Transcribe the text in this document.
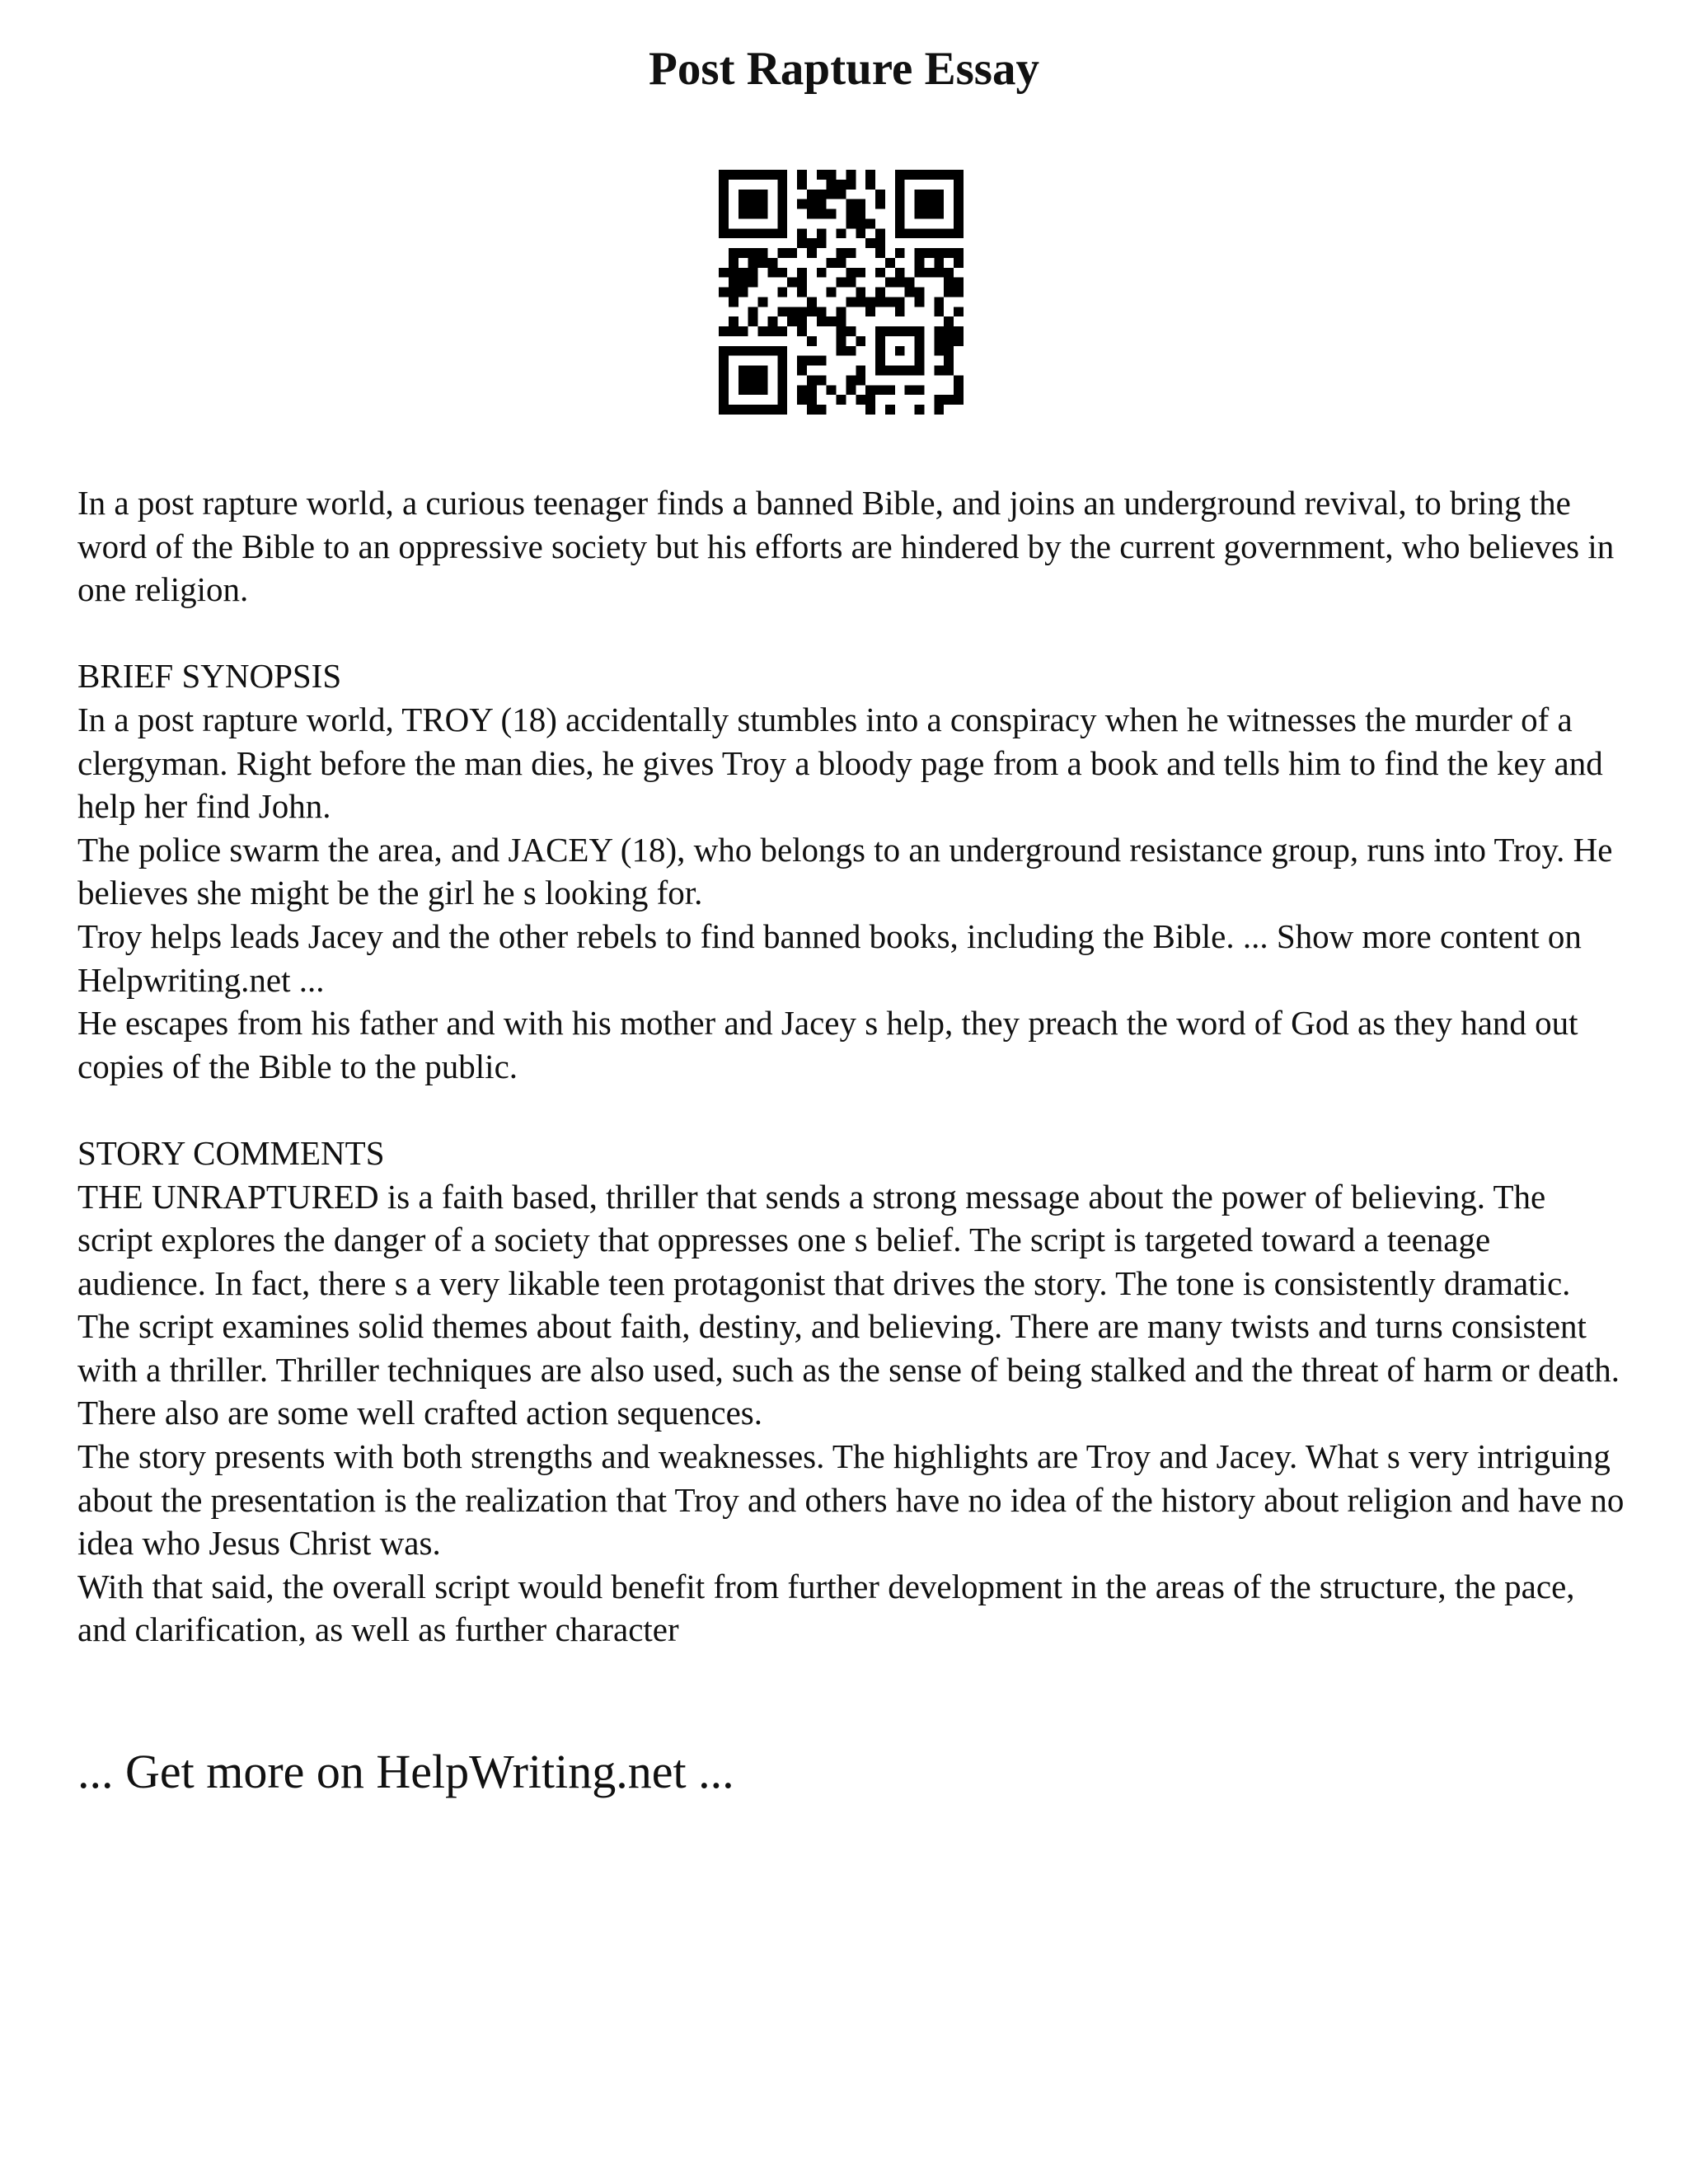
Post Rapture Essay

In a post rapture world, a curious teenager finds a banned Bible, and joins an underground revival, to bring the word of the Bible to an oppressive society but his efforts are hindered by the current government, who believes in one religion.

BRIEF SYNOPSIS

In a post rapture world, TROY (18) accidentally stumbles into a conspiracy when he witnesses the murder of a clergyman. Right before the man dies, he gives Troy a bloody page from a book and tells him to find the key and help her find John.

The police swarm the area, and JACEY (18), who belongs to an underground resistance group, runs into Troy. He believes she might be the girl he s looking for.

Troy helps leads Jacey and the other rebels to find banned books, including the Bible. ... Show more content on Helpwriting.net ...

He escapes from his father and with his mother and Jacey s help, they preach the word of God as they hand out copies of the Bible to the public.

STORY COMMENTS

THE UNRAPTURED is a faith based, thriller that sends a strong message about the power of believing. The script explores the danger of a society that oppresses one s belief. The script is targeted toward a teenage audience. In fact, there s a very likable teen protagonist that drives the story. The tone is consistently dramatic. The script examines solid themes about faith, destiny, and believing. There are many twists and turns consistent with a thriller. Thriller techniques are also used, such as the sense of being stalked and the threat of harm or death. There also are some well crafted action sequences.

The story presents with both strengths and weaknesses. The highlights are Troy and Jacey. What s very intriguing about the presentation is the realization that Troy and others have no idea of the history about religion and have no idea who Jesus Christ was.

With that said, the overall script would benefit from further development in the areas of the structure, the pace, and clarification, as well as further character

... Get more on HelpWriting.net ...
